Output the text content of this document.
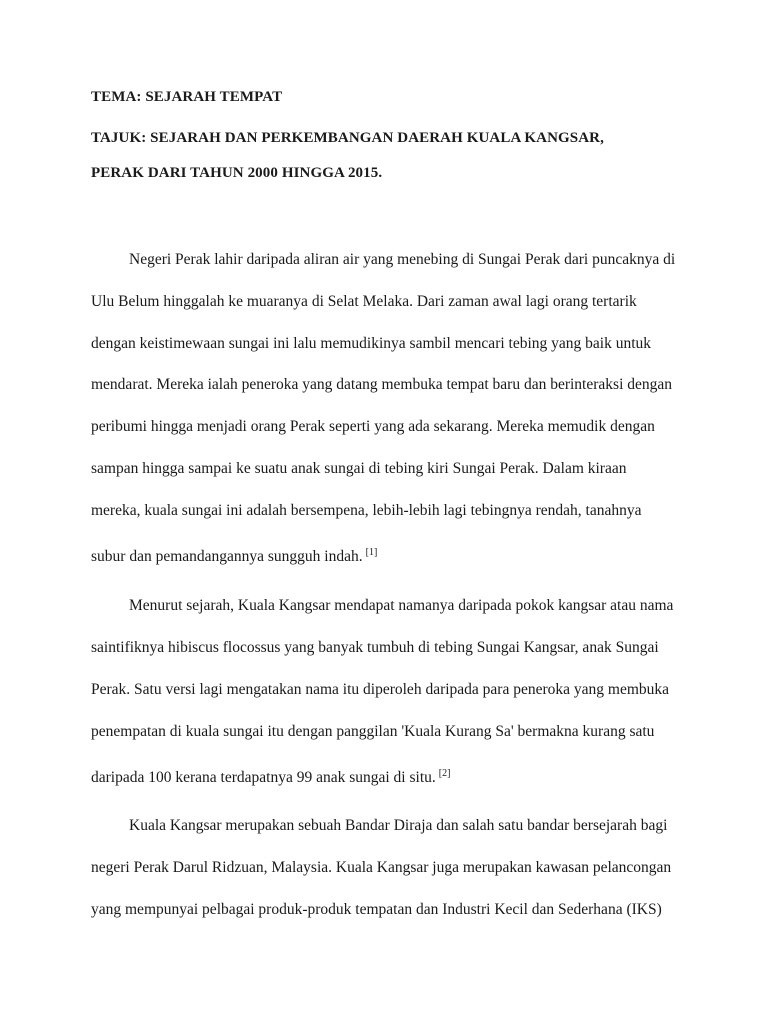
TEMA: SEJARAH TEMPAT

TAJUK: SEJARAH DAN PERKEMBANGAN DAERAH KUALA KANGSAR,

PERAK DARI TAHUN 2000 HINGGA 2015.

Negeri Perak lahir daripada aliran air yang menebing di Sungai Perak dari puncaknya di

Ulu Belum hinggalah ke muaranya di Selat Melaka. Dari zaman awal lagi orang tertarik

dengan keistimewaan sungai ini lalu memudikinya sambil mencari tebing yang baik untuk

mendarat. Mereka ialah peneroka yang datang membuka tempat baru dan berinteraksi dengan

peribumi hingga menjadi orang Perak seperti yang ada sekarang. Mereka memudik dengan

sampan hingga sampai ke suatu anak sungai di tebing kiri Sungai Perak. Dalam kiraan

mereka, kuala sungai ini adalah bersempena, lebih-lebih lagi tebingnya rendah, tanahnya

subur dan pemandangannya sungguh indah. [1]

Menurut sejarah, Kuala Kangsar mendapat namanya daripada pokok kangsar atau nama

saintifiknya hibiscus flocossus yang banyak tumbuh di tebing Sungai Kangsar, anak Sungai

Perak. Satu versi lagi mengatakan nama itu diperoleh daripada para peneroka yang membuka

penempatan di kuala sungai itu dengan panggilan 'Kuala Kurang Sa' bermakna kurang satu

daripada 100 kerana terdapatnya 99 anak sungai di situ. [2]

Kuala Kangsar merupakan sebuah Bandar Diraja dan salah satu bandar bersejarah bagi

negeri Perak Darul Ridzuan, Malaysia. Kuala Kangsar juga merupakan kawasan pelancongan

yang mempunyai pelbagai produk-produk tempatan dan Industri Kecil dan Sederhana (IKS)
